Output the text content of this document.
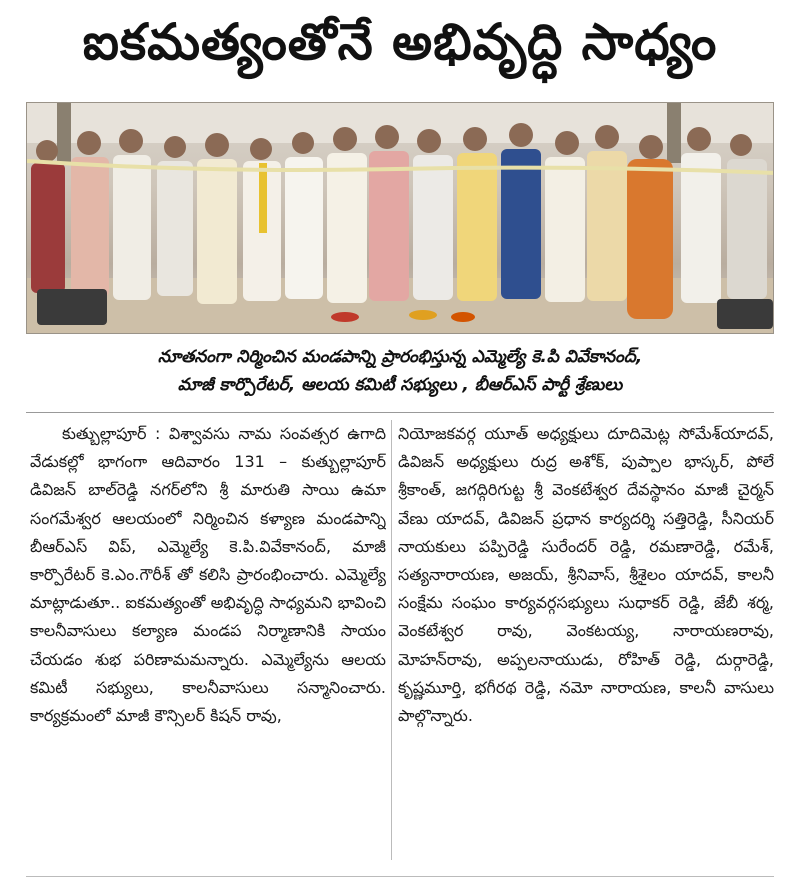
ఐకమత్యంతోనే అభివృద్ధి సాధ్యం
నూతనంగా నిర్మించిన మండపాన్ని ప్రారంభిస్తున్న ఎమ్మెల్యే కె.పి వివేకానంద్,
మాజీ కార్పొరేటర్, ఆలయ కమిటీ సభ్యులు , బీఆర్ఎస్ పార్టీ శ్రేణులు

కుత్బుల్లాపూర్ : విశ్వావసు నామ సంవత్సర ఉగాది వేడుకల్లో భాగంగా ఆదివారం 131 – కుత్బుల్లాపూర్ డివిజన్ బాల్‌రెడ్డి నగర్‌లోని శ్రీ మారుతి సాయి ఉమా సంగమేశ్వర ఆలయంలో నిర్మించిన కళ్యాణ మండపాన్ని బీఆర్ఎస్ విప్, ఎమ్మెల్యే కె.పి.వివేకానంద్, మాజీ కార్పొరేటర్ కె.ఎం.గౌరీశ్ తో కలిసి ప్రారంభించారు. ఎమ్మెల్యే మాట్లాడుతూ.. ఐకమత్యంతో అభివృద్ధి సాధ్యమని భావించి కాలనీవాసులు కల్యాణ మండప నిర్మాణానికి సాయం చేయడం శుభ పరిణామమన్నారు. ఎమ్మెల్యేను ఆలయ కమిటీ సభ్యులు, కాలనీవాసులు సన్మానించారు. కార్యక్రమంలో మాజీ కౌన్సిలర్ కిషన్ రావు,

నియోజకవర్గ యూత్ అధ్యక్షులు దూదిమెట్ల సోమేశ్‌యాదవ్, డివిజన్ అధ్యక్షులు రుద్ర అశోక్, పుప్పాల భాస్కర్, పోలే శ్రీకాంత్, జగద్గిరిగుట్ట శ్రీ వెంకటేశ్వర దేవస్థానం మాజీ చైర్మన్ వేణు యాదవ్, డివిజన్ ప్రధాన కార్యదర్శి సత్తిరెడ్డి, సీనియర్ నాయకులు పప్పిరెడ్డి సురేందర్ రెడ్డి, రమణారెడ్డి, రమేశ్, సత్యనారాయణ, అజయ్, శ్రీనివాస్, శ్రీశైలం యాదవ్, కాలనీ సంక్షేమ సంఘం కార్యవర్గసభ్యులు సుధాకర్ రెడ్డి, జేబీ శర్మ, వెంకటేశ్వర రావు, వెంకటయ్య, నారాయణరావు, మోహన్‌రావు, అప్పలనాయుడు, రోహిత్ రెడ్డి, దుర్గారెడ్డి, కృష్ణమూర్తి, భగీరథ రెడ్డి, నమో నారాయణ, కాలనీ వాసులు పాల్గొన్నారు.
